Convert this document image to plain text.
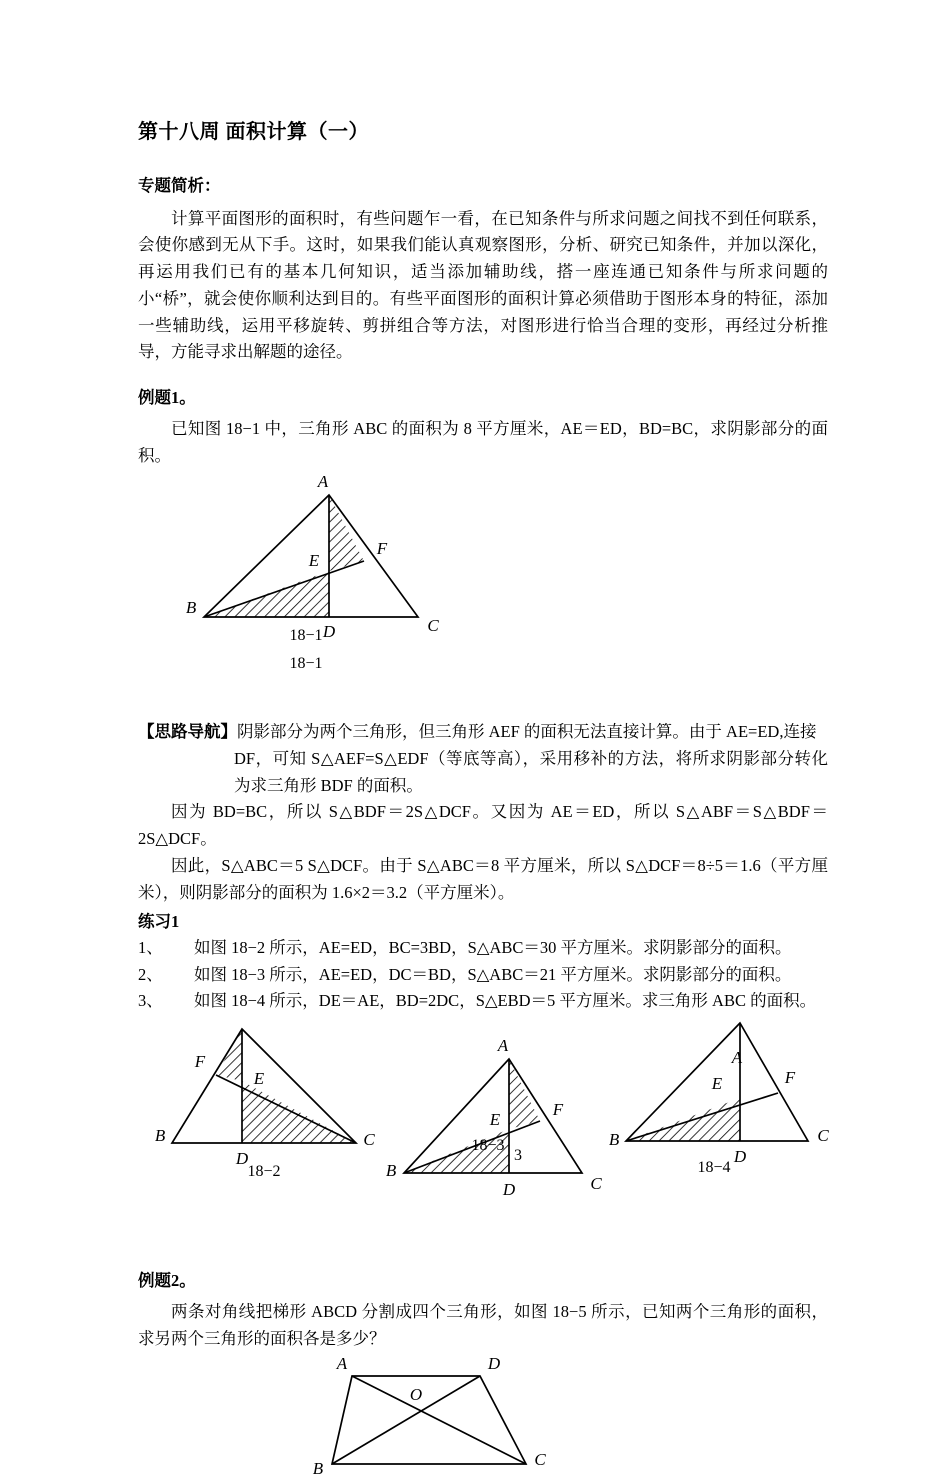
第十八周 面积计算（一）
专题简析：

计算平面图形的面积时，有些问题乍一看，在已知条件与所求问题之间找不到任何联系，会使你感到无从下手。这时，如果我们能认真观察图形，分析、研究已知条件，并加以深化，再运用我们已有的基本几何知识，适当添加辅助线，搭一座连通已知条件与所求问题的小“桥”，就会使你顺利达到目的。有些平面图形的面积计算必须借助于图形本身的特征，添加一些辅助线，运用平移旋转、剪拼组合等方法，对图形进行恰当合理的变形，再经过分析推导，方能寻求出解题的途径。

例题1。

已知图 18−1 中，三角形 ABC 的面积为 8 平方厘米，AE＝ED，BD=BC，求阴影部分的面积。

A
B
C
D
E
F
18−1
18−1
【思路导航】阴影部分为两个三角形，但三角形 AEF 的面积无法直接计算。由于 AE=ED,连接
DF，可知 S△AEF=S△EDF（等底等高），采用移补的方法，将所求阴影部分转化为求三角形 BDF 的面积。

因为 BD=BC，所以 S△BDF＝2S△DCF。又因为 AE＝ED，所以 S△ABF＝S△BDF＝2S△DCF。

因此，S△ABC＝5 S△DCF。由于 S△ABC＝8 平方厘米，所以 S△DCF＝8÷5＝1.6（平方厘米），则阴影部分的面积为 1.6×2＝3.2（平方厘米）。

练习1
1、	如图 18−2 所示，AE=ED，BC=3BD，S△ABC＝30 平方厘米。求阴影部分的面积。
2、	如图 18−3 所示，AE=ED，DC＝BD，S△ABC＝21 平方厘米。求阴影部分的面积。
3、	如图 18−4 所示，DE＝AE，BD=2DC，S△EBD＝5 平方厘米。求三角形 ABC 的面积。
F
E
B	C
D
18−2
A
B
C
D
E
F
3
18−3
A
B	C
D
E	F
18−4
例题2。

两条对角线把梯形 ABCD 分割成四个三角形，如图 18−5 所示，已知两个三角形的面积，求另两个三角形的面积各是多少？

A	D
B	C
O
